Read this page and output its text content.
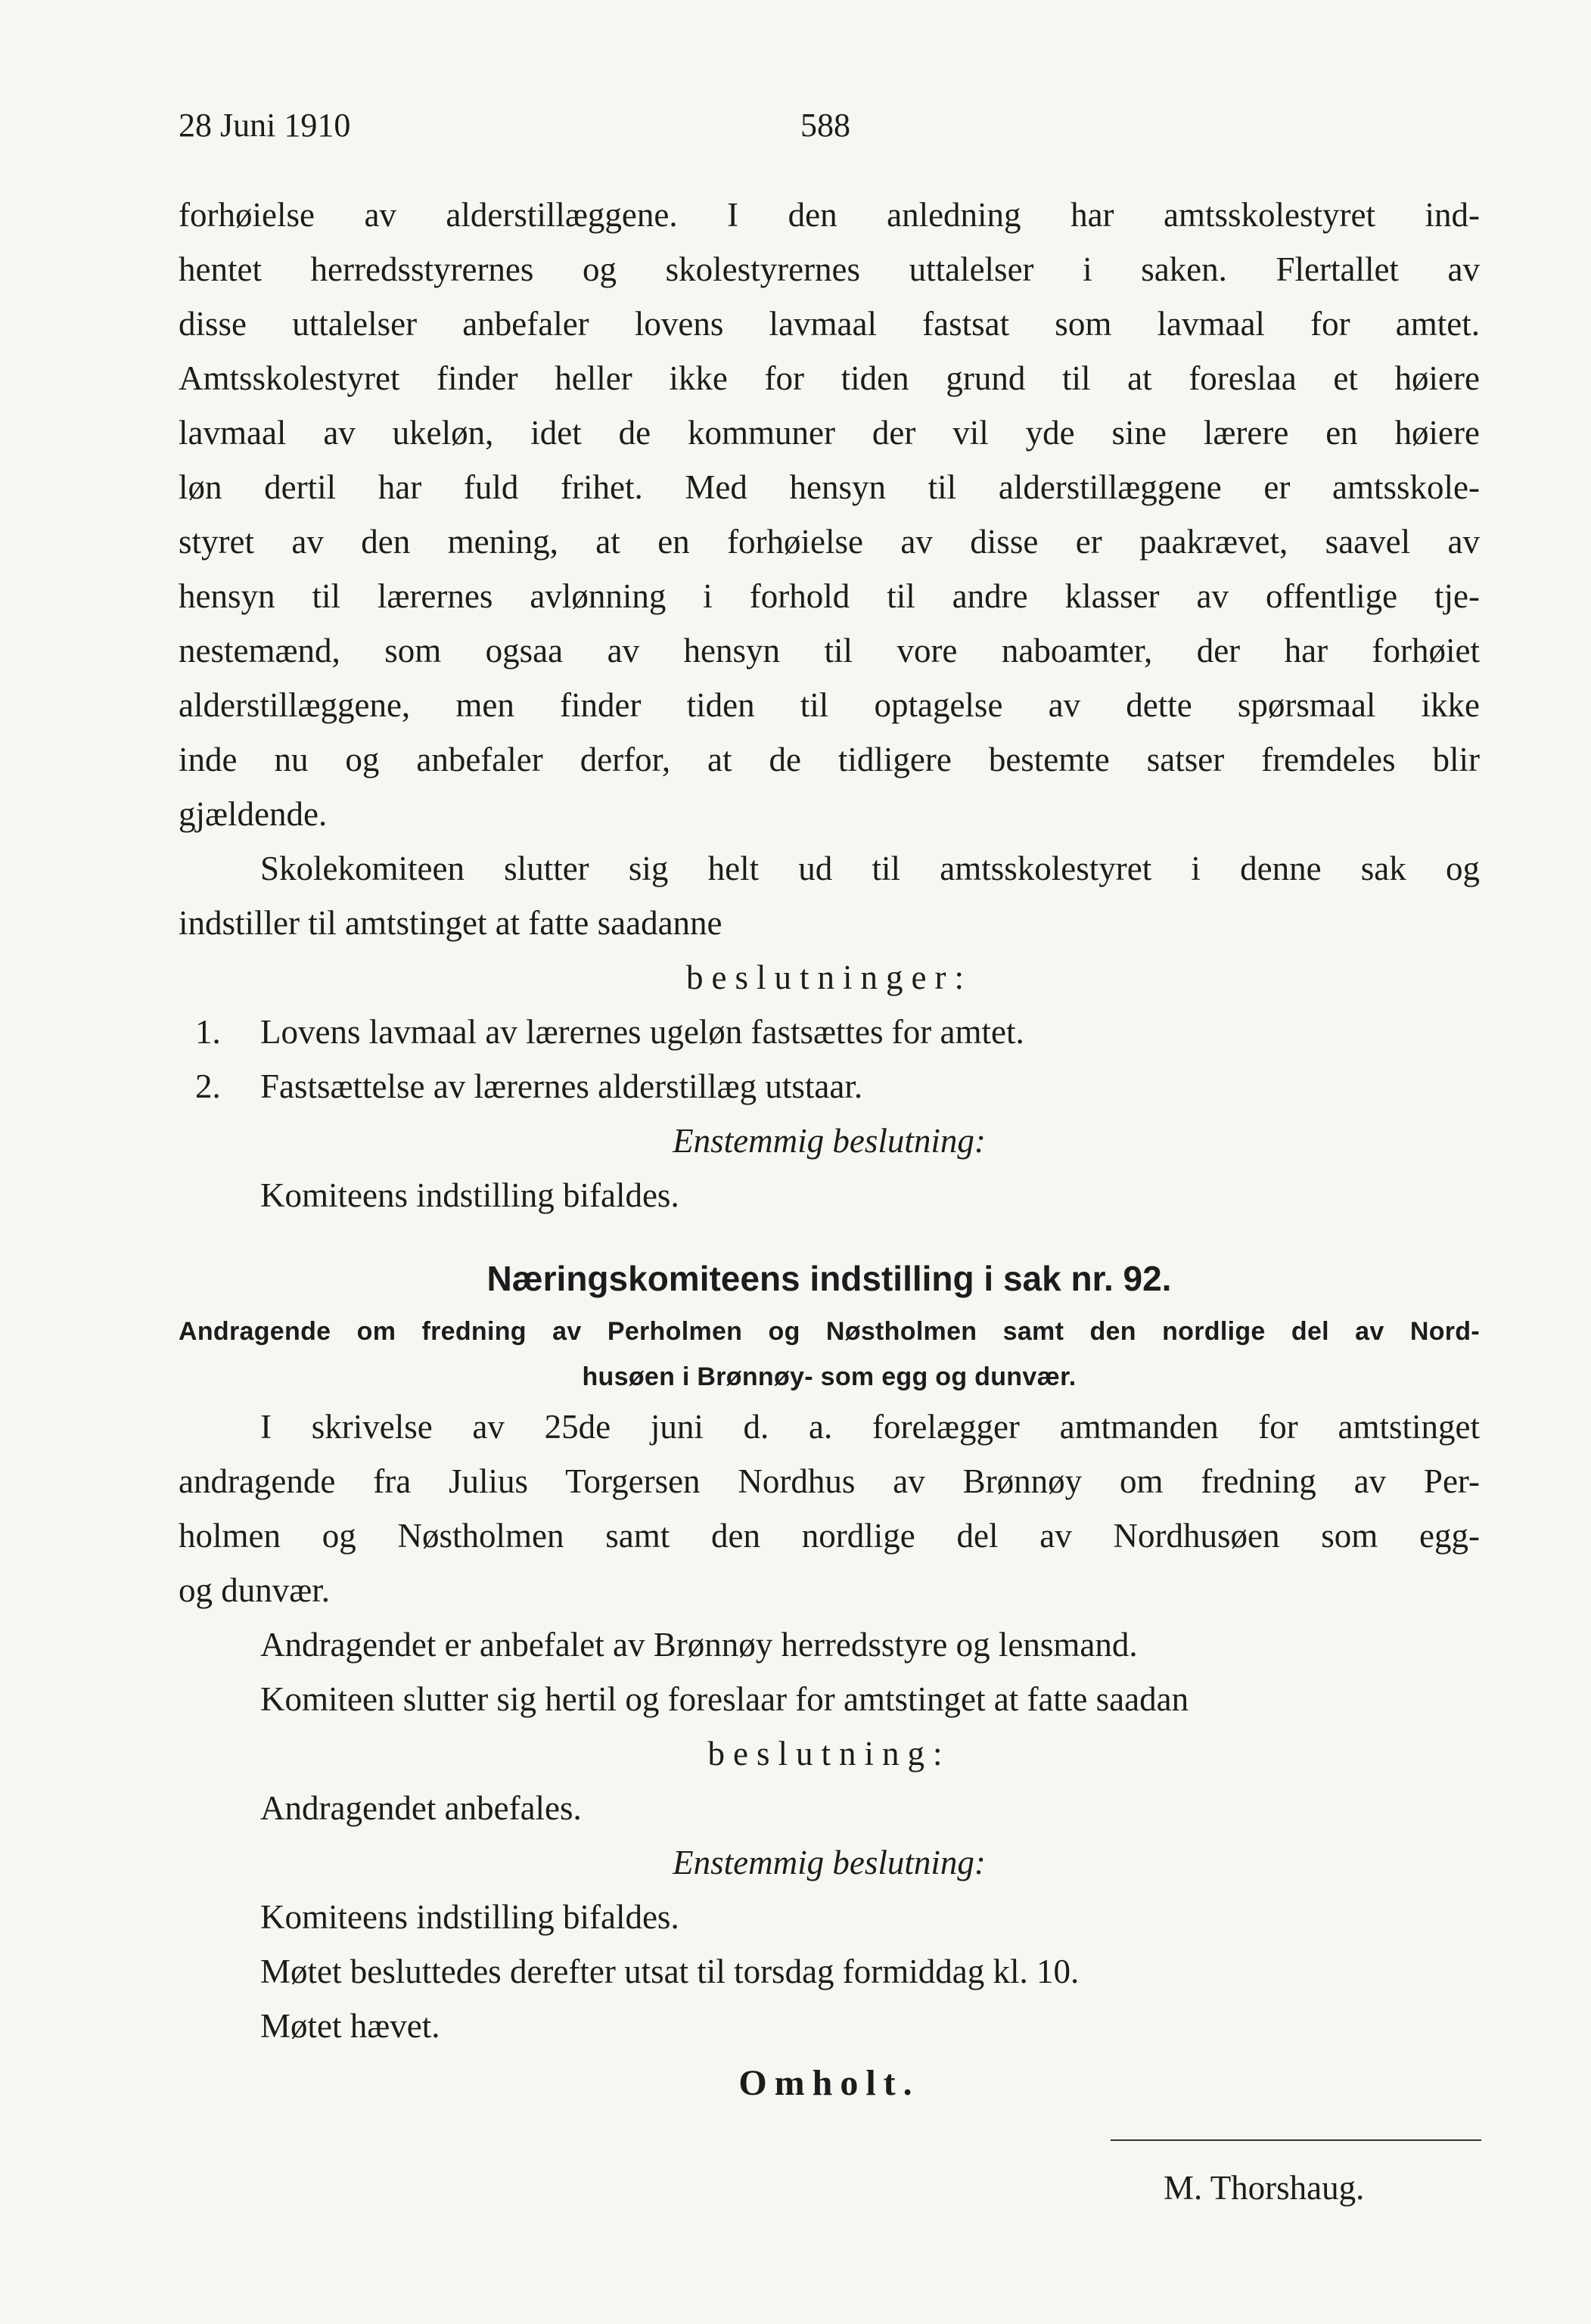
28 Juni 1910	588
forhøielse av alderstillæggene. I den anledning har amtsskolestyret ind-
hentet herredsstyrernes og skolestyrernes uttalelser i saken. Flertallet av
disse uttalelser anbefaler lovens lavmaal fastsat som lavmaal for amtet.
Amtsskolestyret finder heller ikke for tiden grund til at foreslaa et høiere
lavmaal av ukeløn, idet de kommuner der vil yde sine lærere en høiere
løn dertil har fuld frihet. Med hensyn til alderstillæggene er amtsskole-
styret av den mening, at en forhøielse av disse er paakrævet, saavel av
hensyn til lærernes avlønning i forhold til andre klasser av offentlige tje-
nestemænd, som ogsaa av hensyn til vore naboamter, der har forhøiet
alderstillæggene, men finder tiden til optagelse av dette spørsmaal ikke
inde nu og anbefaler derfor, at de tidligere bestemte satser fremdeles blir
gjældende.
Skolekomiteen slutter sig helt ud til amtsskolestyret i denne sak og
indstiller til amtstinget at fatte saadanne
beslutninger:
1. Lovens lavmaal av lærernes ugeløn fastsættes for amtet.
2. Fastsættelse av lærernes alderstillæg utstaar.
Enstemmig beslutning:
Komiteens indstilling bifaldes.
Næringskomiteens indstilling i sak nr. 92.
Andragende om fredning av Perholmen og Nøstholmen samt den nordlige del av Nord-
husøen i Brønnøy- som egg og dunvær.
I skrivelse av 25de juni d. a. forelægger amtmanden for amtstinget
andragende fra Julius Torgersen Nordhus av Brønnøy om fredning av Per-
holmen og Nøstholmen samt den nordlige del av Nordhusøen som egg-
og dunvær.
Andragendet er anbefalet av Brønnøy herredsstyre og lensmand.
Komiteen slutter sig hertil og foreslaar for amtstinget at fatte saadan
beslutning:
Andragendet anbefales.
Enstemmig beslutning:
Komiteens indstilling bifaldes.
Møtet besluttedes derefter utsat til torsdag formiddag kl. 10.
Møtet hævet.
Omholt.
M. Thorshaug.
